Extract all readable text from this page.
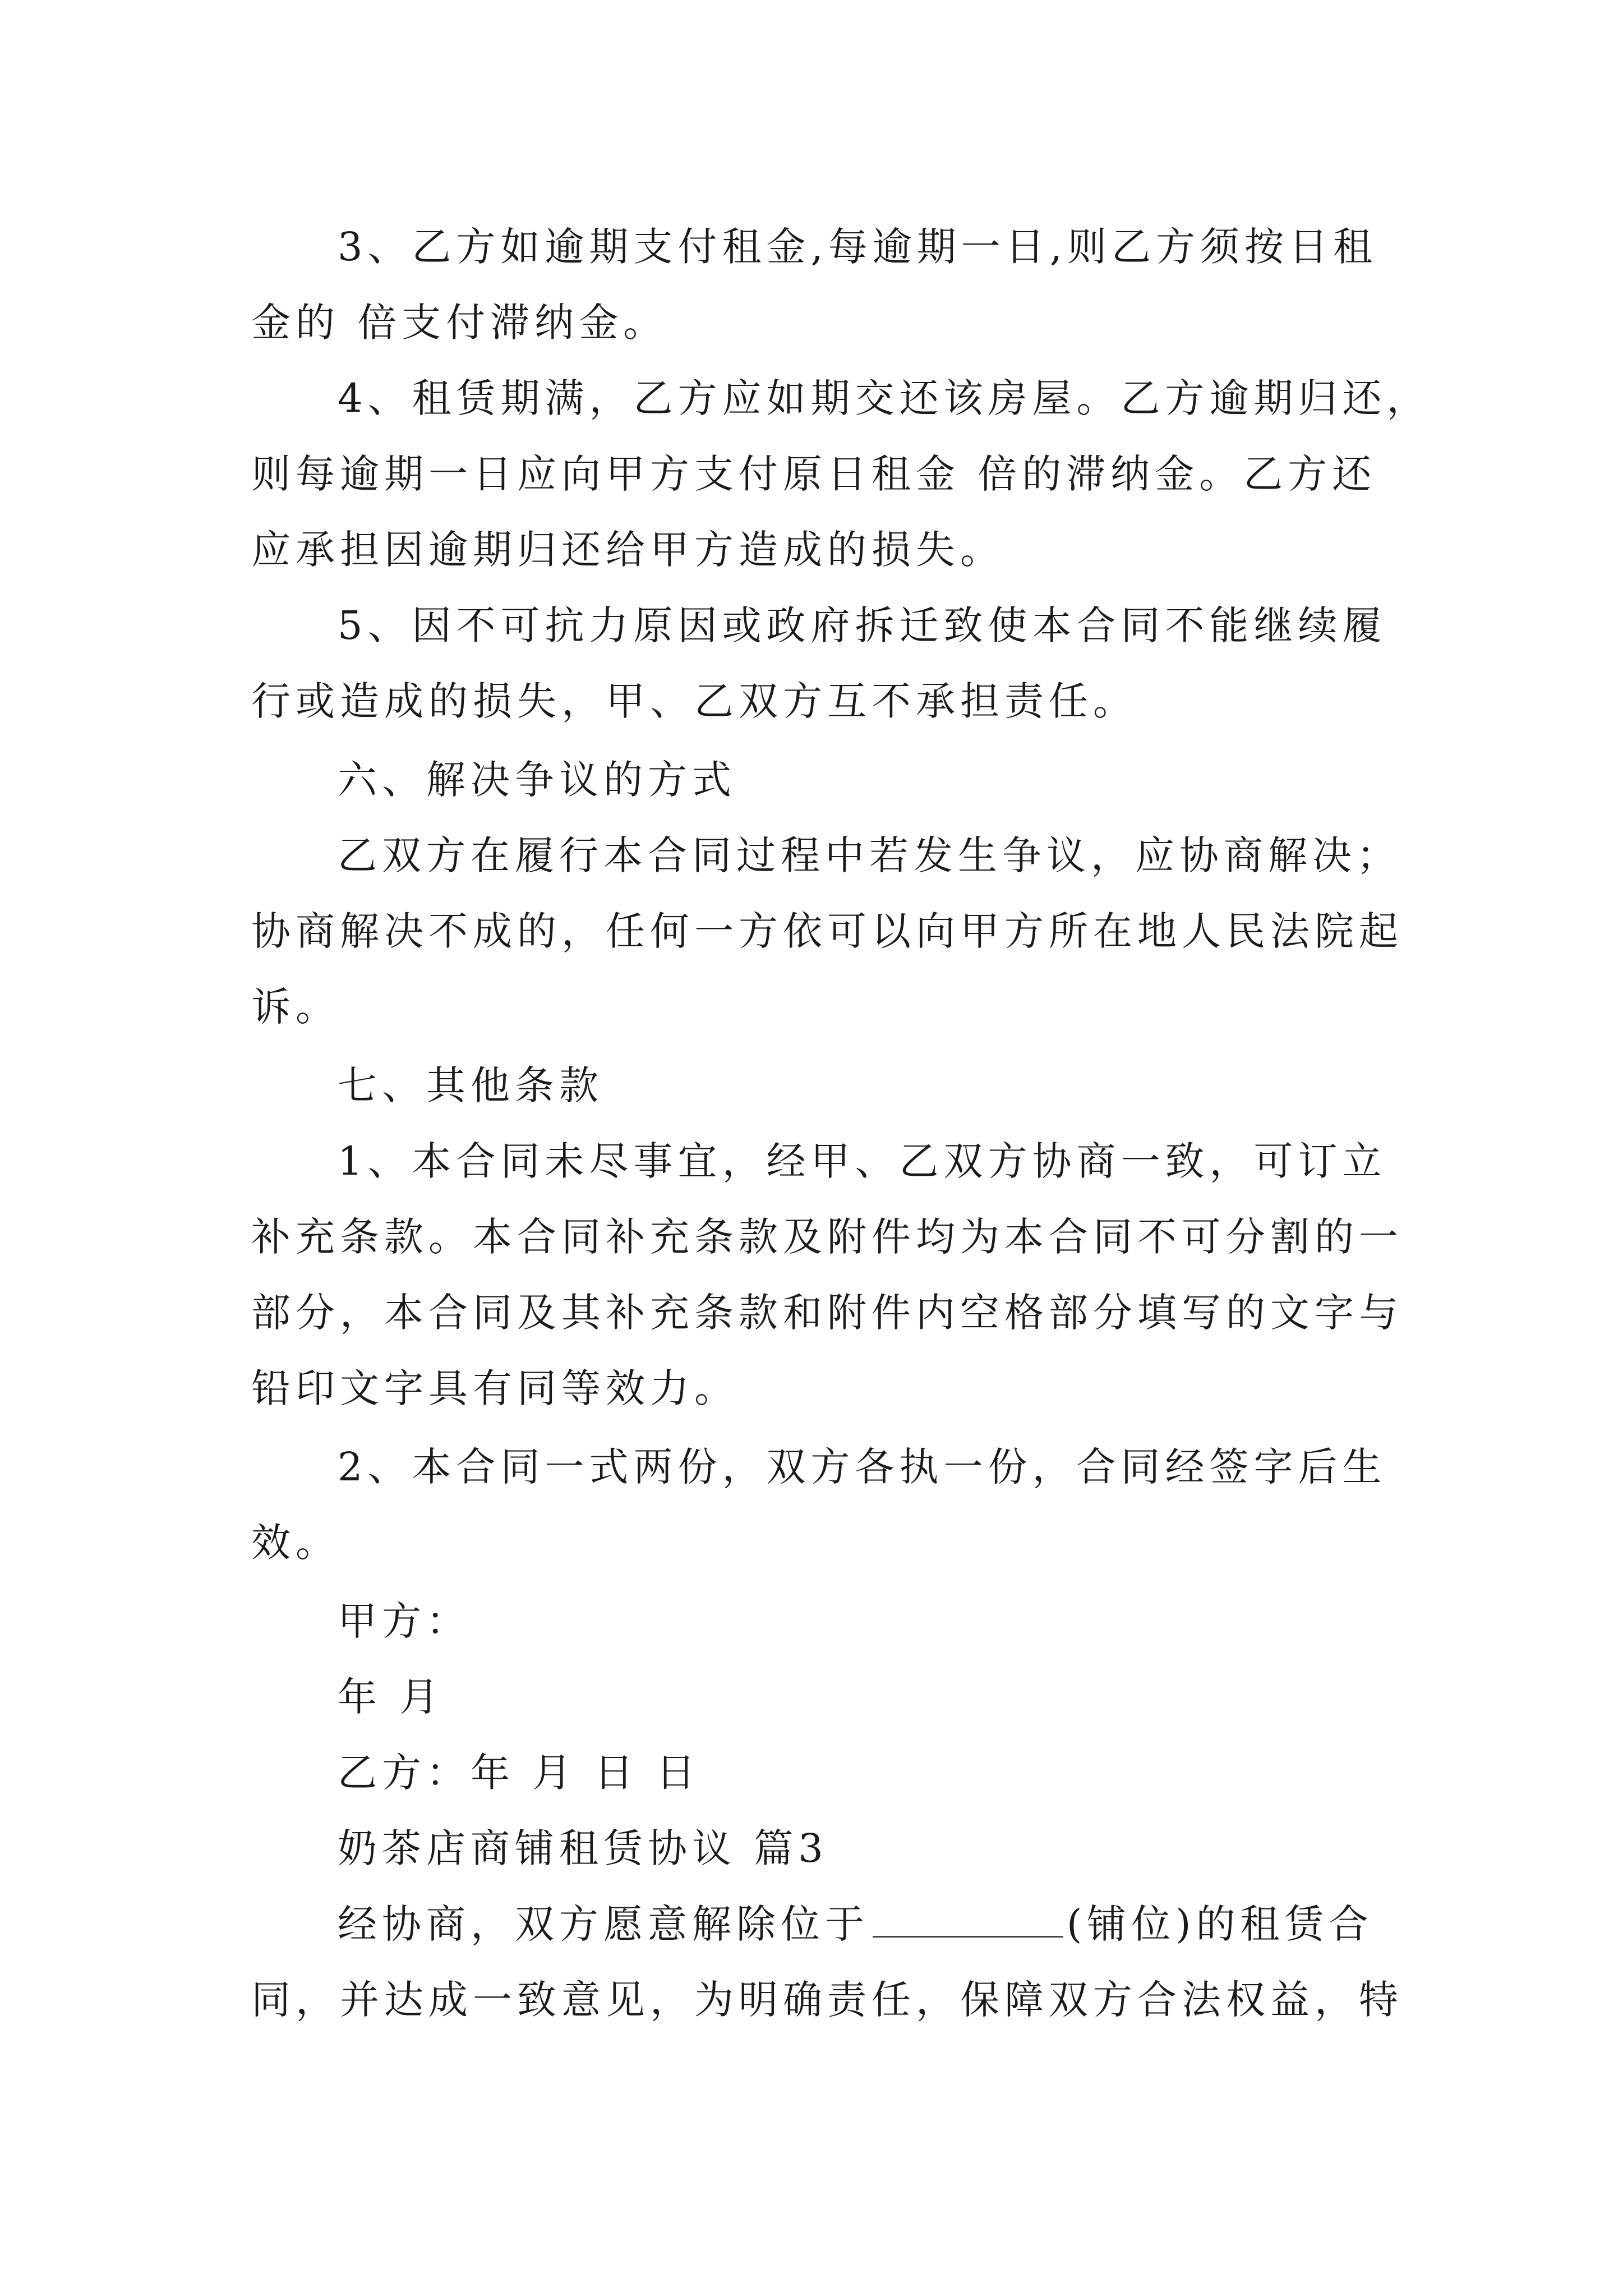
3、乙方如逾期支付租金,每逾期一日,则乙方须按日租
金的 倍支付滞纳金。
4、租赁期满，乙方应如期交还该房屋。乙方逾期归还，
则每逾期一日应向甲方支付原日租金 倍的滞纳金。乙方还
应承担因逾期归还给甲方造成的损失。
5、因不可抗力原因或政府拆迁致使本合同不能继续履
行或造成的损失，甲、乙双方互不承担责任。
六、解决争议的方式
乙双方在履行本合同过程中若发生争议，应协商解决；
协商解决不成的，任何一方依可以向甲方所在地人民法院起
诉。
七、其他条款
1、本合同未尽事宜，经甲、乙双方协商一致，可订立
补充条款。本合同补充条款及附件均为本合同不可分割的一
部分，本合同及其补充条款和附件内空格部分填写的文字与
铅印文字具有同等效力。
2、本合同一式两份，双方各执一份，合同经签字后生
效。
甲方：
年 月
乙方：年 月 日 日
奶茶店商铺租赁协议 篇3
经协商，双方愿意解除位于	(铺位)的租赁合
同，并达成一致意见，为明确责任，保障双方合法权益，特
